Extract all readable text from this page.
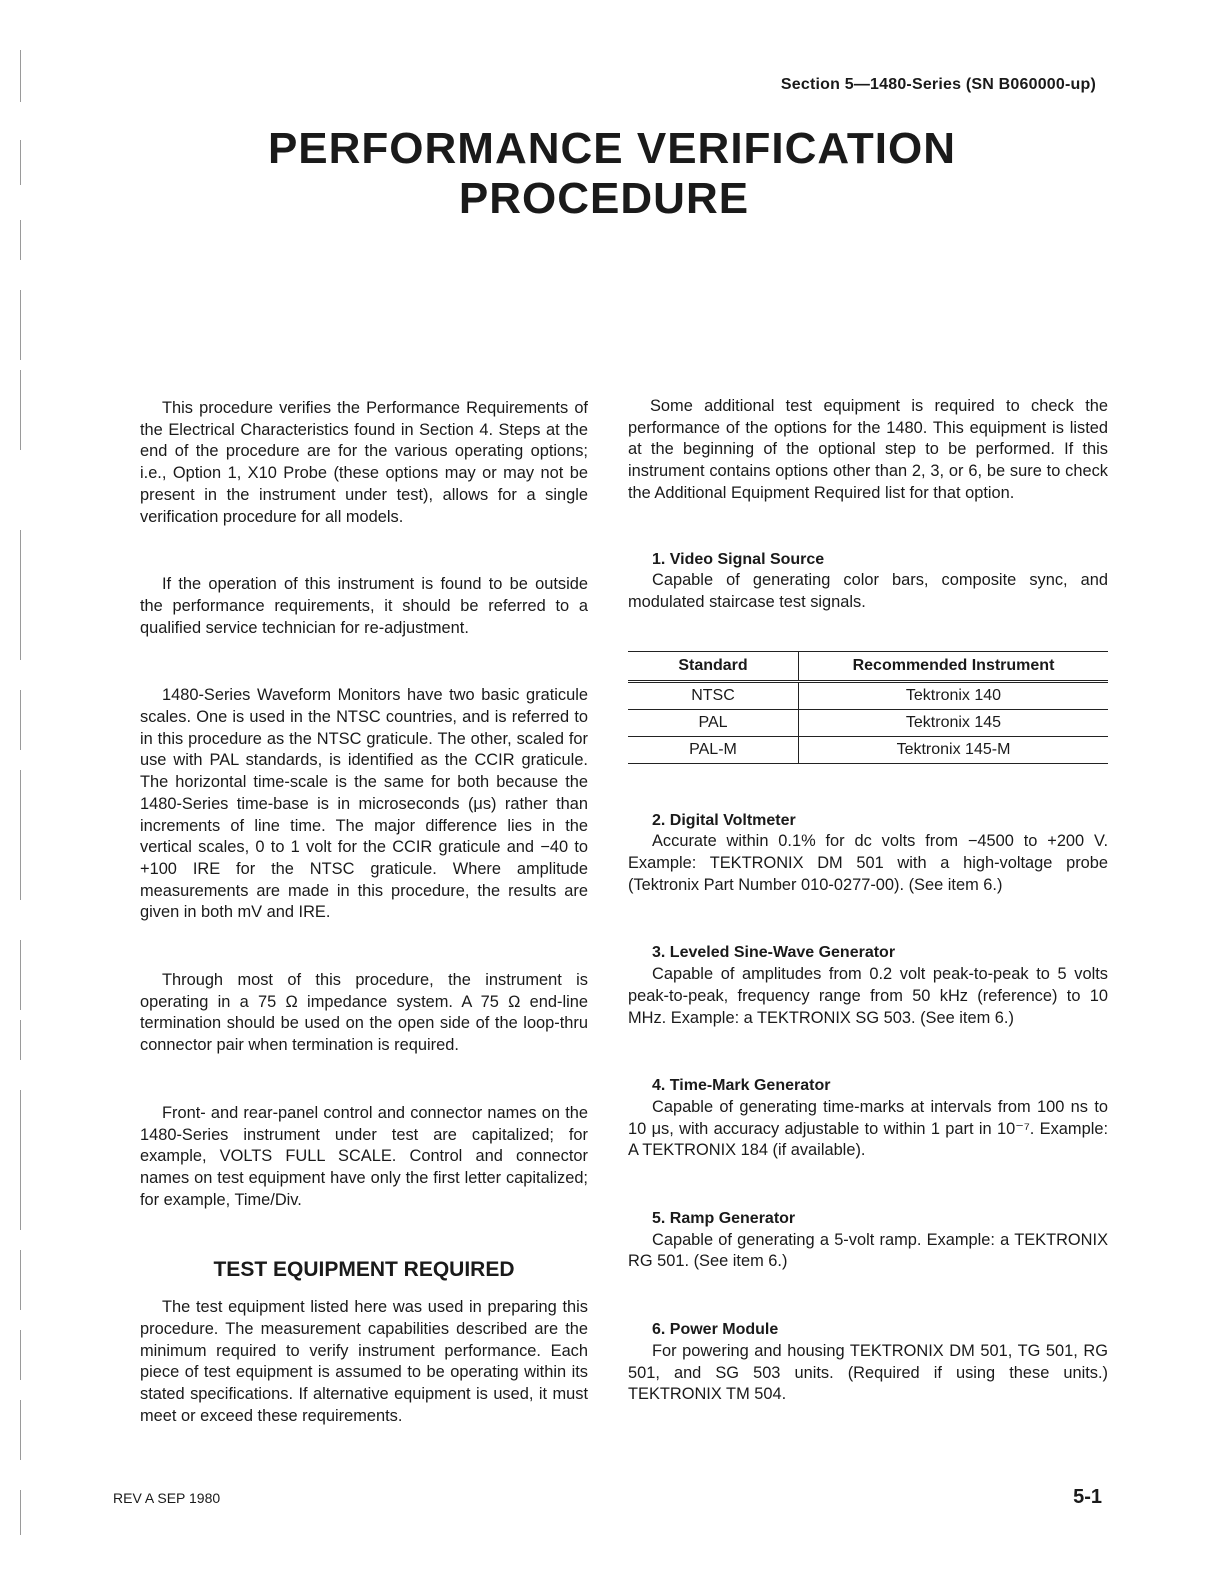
Section 5—1480-Series (SN B060000-up)
PERFORMANCE VERIFICATION
PROCEDURE

This procedure verifies the Performance Requirements of the Electrical Characteristics found in Section 4. Steps at the end of the procedure are for the various operating options; i.e., Option 1, X10 Probe (these options may or may not be present in the instrument under test), allows for a single verification procedure for all models.

If the operation of this instrument is found to be outside the performance requirements, it should be referred to a qualified service technician for re-adjustment.

1480-Series Waveform Monitors have two basic graticule scales. One is used in the NTSC countries, and is referred to in this procedure as the NTSC graticule. The other, scaled for use with PAL standards, is identified as the CCIR graticule. The horizontal time-scale is the same for both because the 1480-Series time-base is in microseconds (μs) rather than increments of line time. The major difference lies in the vertical scales, 0 to 1 volt for the CCIR graticule and −40 to +100 IRE for the NTSC graticule. Where amplitude measurements are made in this procedure, the results are given in both mV and IRE.

Through most of this procedure, the instrument is operating in a 75 Ω impedance system. A 75 Ω end-line termination should be used on the open side of the loop-thru connector pair when termination is required.

Front- and rear-panel control and connector names on the 1480-Series instrument under test are capitalized; for example, VOLTS FULL SCALE. Control and connector names on test equipment have only the first letter capitalized; for example, Time/Div.

TEST EQUIPMENT REQUIRED

The test equipment listed here was used in preparing this procedure. The measurement capabilities described are the minimum required to verify instrument performance. Each piece of test equipment is assumed to be operating within its stated specifications. If alternative equipment is used, it must meet or exceed these requirements.

Some additional test equipment is required to check the performance of the options for the 1480. This equipment is listed at the beginning of the optional step to be performed. If this instrument contains options other than 2, 3, or 6, be sure to check the Additional Equipment Required list for that option.

1. Video Signal Source
Capable of generating color bars, composite sync, and modulated staircase test signals.
Standard	Recommended Instrument
NTSC	Tektronix 140
PAL	Tektronix 145
PAL-M	Tektronix 145-M
2. Digital Voltmeter
Accurate within 0.1% for dc volts from −4500 to +200 V. Example: TEKTRONIX DM 501 with a high-voltage probe (Tektronix Part Number 010-0277-00). (See item 6.)
3. Leveled Sine-Wave Generator
Capable of amplitudes from 0.2 volt peak-to-peak to 5 volts peak-to-peak, frequency range from 50 kHz (reference) to 10 MHz. Example: a TEKTRONIX SG 503. (See item 6.)
4. Time-Mark Generator
Capable of generating time-marks at intervals from 100 ns to 10 μs, with accuracy adjustable to within 1 part in 10⁻⁷. Example: A TEKTRONIX 184 (if available).
5. Ramp Generator
Capable of generating a 5-volt ramp. Example: a TEKTRONIX RG 501. (See item 6.)
6. Power Module
For powering and housing TEKTRONIX DM 501, TG 501, RG 501, and SG 503 units. (Required if using these units.) TEKTRONIX TM 504.
REV A SEP 1980	5-1
